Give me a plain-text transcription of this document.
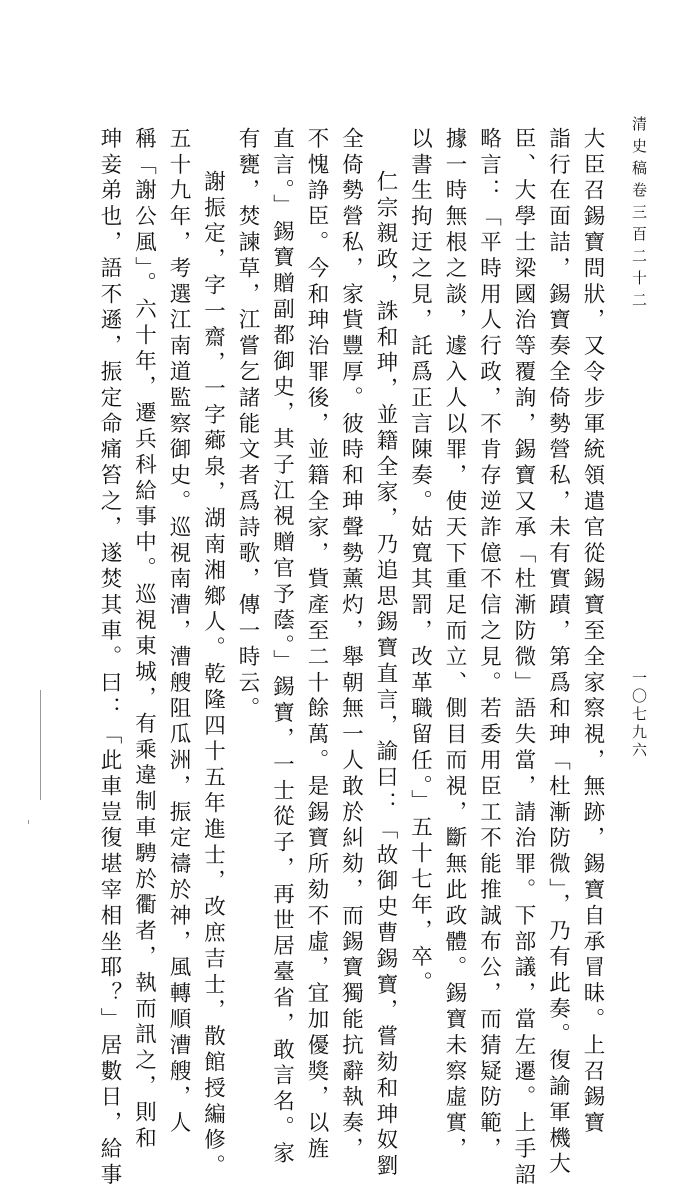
清史稿卷三百二十二
一〇七九六
大臣召錫寶問狀，又令步軍統領遣官從錫寶至全家察視，無跡，錫寶自承冒昧。上召錫寶
詣行在面詰，錫寶奏全倚勢營私，未有實蹟，第爲和珅「杜漸防微」，乃有此奏。復諭軍機大
臣、大學士梁國治等覆詢，錫寶又承「杜漸防微」語失當，請治罪。下部議，當左遷。上手詔
略言：「平時用人行政，不肯存逆詐億不信之見。若委用臣工不能推誠布公，而猜疑防範，
據一時無根之談，遽入人以罪，使天下重足而立、側目而視，斷無此政體。錫寶未察虛實，
以書生拘迂之見，託爲正言陳奏。姑寬其罰，改革職留任。」五十七年，卒。
仁宗親政，誅和珅，並籍全家，乃追思錫寶直言，諭曰：「故御史曹錫寶，嘗劾和珅奴劉
全倚勢營私，家貲豐厚。彼時和珅聲勢薰灼，舉朝無一人敢於糾劾，而錫寶獨能抗辭執奏，
不愧諍臣。今和珅治罪後，並籍全家，貲產至二十餘萬。是錫寶所劾不虛，宜加優獎，以旌
直言。」錫寶贈副都御史，其子江視贈官予蔭。」錫寶，一士從子，再世居臺省，敢言名。家
有甕，焚諫草，江嘗乞諸能文者爲詩歌，傳一時云。
謝振定，字一齋，一字薌泉，湖南湘鄉人。乾隆四十五年進士，改庶吉士，散館授編修。
五十九年，考選江南道監察御史。巡視南漕，漕艘阻瓜洲，振定禱於神，風轉順漕艘，人
稱「謝公風」。六十年，遷兵科給事中。巡視東城，有乘違制車騁於衢者，執而訊之，則和
珅妾弟也，語不遜，振定命痛笞之，遂焚其車。曰：「此車豈復堪宰相坐耶？」居數日，給事
